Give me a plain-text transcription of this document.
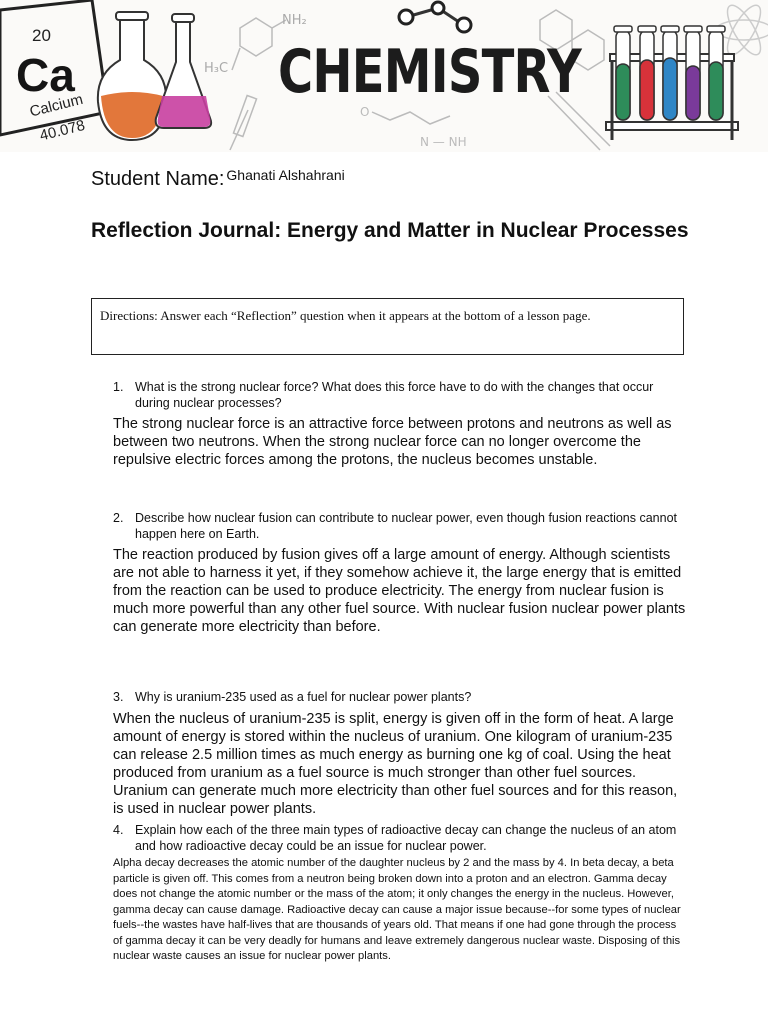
NH₂
H₃C
O
N — NH
20
Ca
Calcium
40.078
CHEMISTRY
Student Name: $^{Ghanati Alshahrani}$
Reflection Journal: Energy and Matter in Nuclear Processes
Directions: Answer each “Reflection” question when it appears at the bottom of a lesson page.
1. What is the strong nuclear force? What does this force have to do with the changes that occur during nuclear processes?
The strong nuclear force is an attractive force between protons and neutrons as well as between two neutrons. When the strong nuclear force can no longer overcome the repulsive electric forces among the protons, the nucleus becomes unstable.
2. Describe how nuclear fusion can contribute to nuclear power, even though fusion reactions cannot happen here on Earth.
The reaction produced by fusion gives off a large amount of energy. Although scientists are not able to harness it yet, if they somehow achieve it, the large energy that is emitted from the reaction can be used to produce electricity. The energy from nuclear fusion is much more powerful than any other fuel source. With nuclear fusion nuclear power plants can generate more electricity than before.
3. Why is uranium-235 used as a fuel for nuclear power plants?
When the nucleus of uranium-235 is split, energy is given off in the form of heat. A large amount of energy is stored within the nucleus of uranium. One kilogram of uranium-235 can release 2.5 million times as much energy as burning one kg of coal. Using the heat produced from uranium as a fuel source is much stronger than other fuel sources. Uranium can generate much more electricity than other fuel sources and for this reason, is used in nuclear power plants.
4. Explain how each of the three main types of radioactive decay can change the nucleus of an atom and how radioactive decay could be an issue for nuclear power.
Alpha decay decreases the atomic number of the daughter nucleus by 2 and the mass by 4. In beta decay, a beta particle is given off. This comes from a neutron being broken down into a proton and an electron. Gamma decay does not change the atomic number or the mass of the atom; it only changes the energy in the nucleus. However, gamma decay can cause damage. Radioactive decay can cause a major issue because--for some types of nuclear fuels--the wastes have half-lives that are thousands of years old. That means if one had gone through the process of gamma decay it can be very deadly for humans and leave extremely dangerous nuclear waste. Disposing of this nuclear waste causes an issue for nuclear power plants.
